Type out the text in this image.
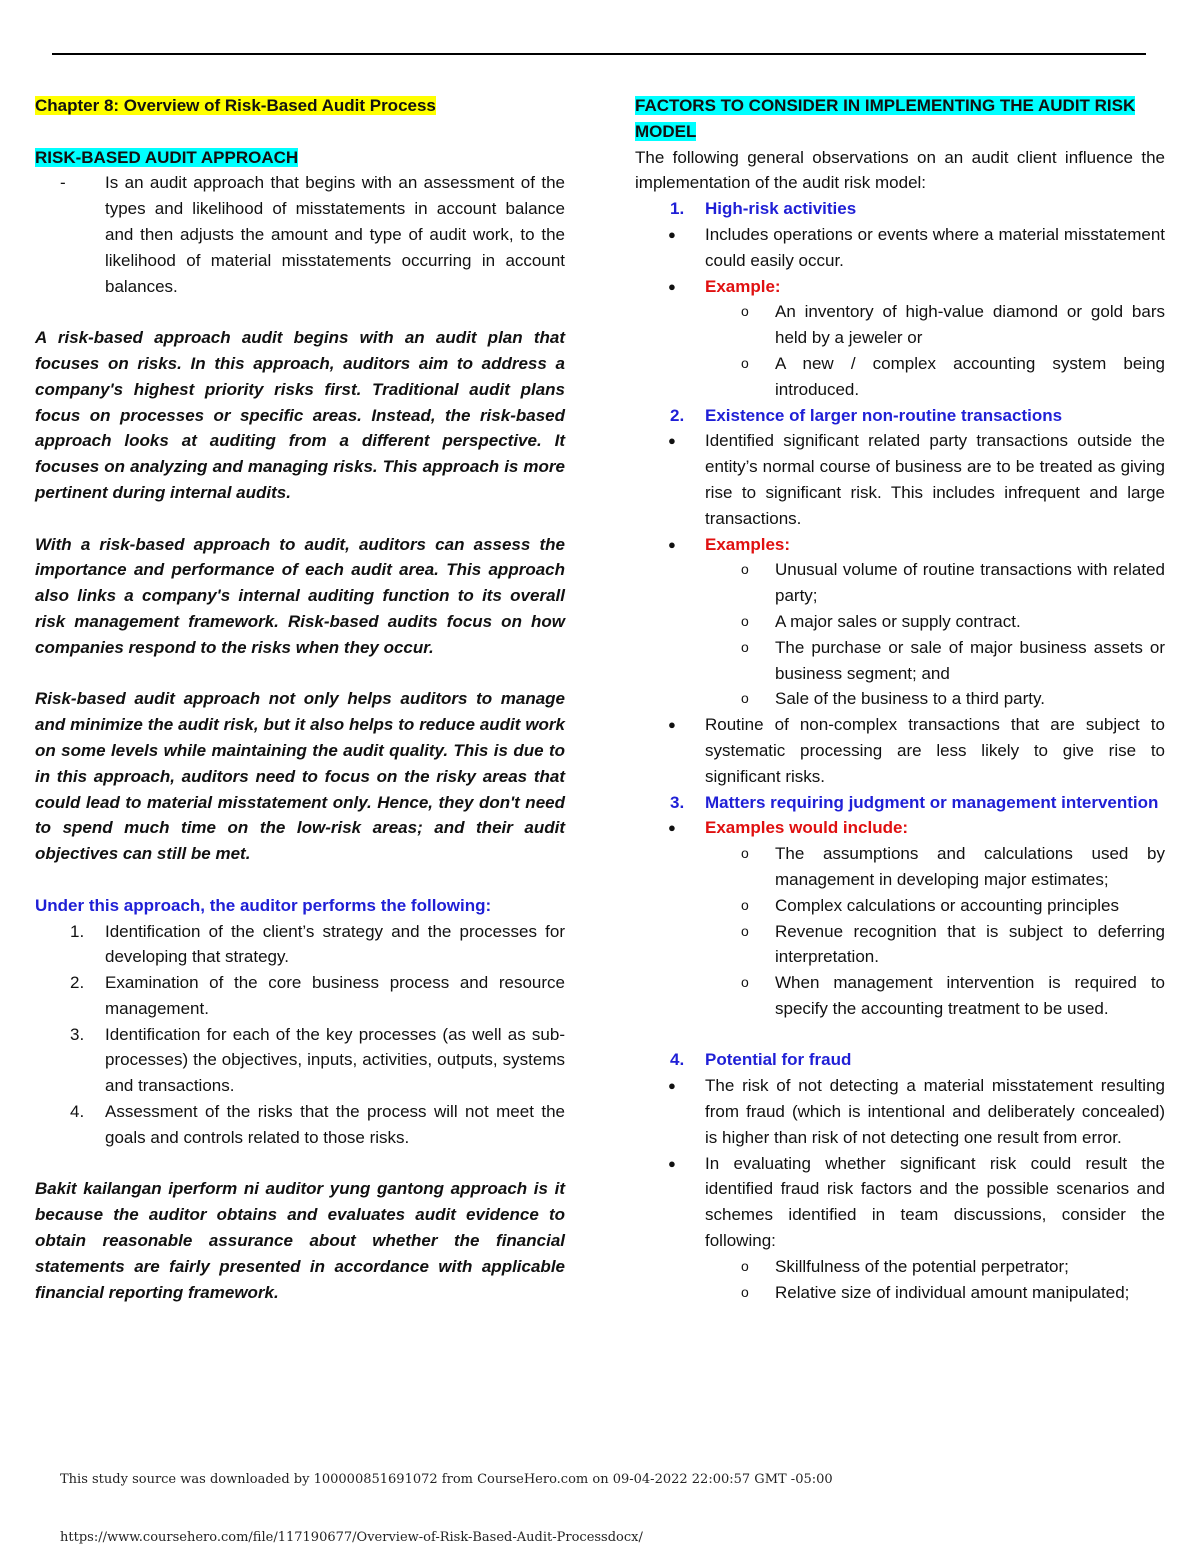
Chapter 8: Overview of Risk-Based Audit Process
RISK-BASED AUDIT APPROACH
-	Is an audit approach that begins with an assessment of the types and likelihood of misstatements in account balance and then adjusts the amount and type of audit work, to the likelihood of material misstatements occurring in account balances.
A risk-based approach audit begins with an audit plan that focuses on risks. In this approach, auditors aim to address a company's highest priority risks first. Traditional audit plans focus on processes or specific areas. Instead, the risk-based approach looks at auditing from a different perspective. It focuses on analyzing and managing risks. This approach is more pertinent during internal audits.
With a risk-based approach to audit, auditors can assess the importance and performance of each audit area. This approach also links a company's internal auditing function to its overall risk management framework. Risk-based audits focus on how companies respond to the risks when they occur.
Risk-based audit approach not only helps auditors to manage and minimize the audit risk, but it also helps to reduce audit work on some levels while maintaining the audit quality. This is due to in this approach, auditors need to focus on the risky areas that could lead to material misstatement only. Hence, they don't need to spend much time on the low-risk areas; and their audit objectives can still be met.
Under this approach, the auditor performs the following:
1.	Identification of the client’s strategy and the processes for developing that strategy.
2.	Examination of the core business process and resource management.
3.	Identification for each of the key processes (as well as sub-processes) the objectives, inputs, activities, outputs, systems and transactions.
4.	Assessment of the risks that the process will not meet the goals and controls related to those risks.
Bakit kailangan iperform ni auditor yung gantong approach is it because the auditor obtains and evaluates audit evidence to obtain reasonable assurance about whether the financial statements are fairly presented in accordance with applicable financial reporting framework.
FACTORS TO CONSIDER IN IMPLEMENTING THE AUDIT RISK MODEL
The following general observations on an audit client influence the implementation of the audit risk model:
1.	High-risk activities
●	Includes operations or events where a material misstatement could easily occur.
●	Example:
o	An inventory of high-value diamond or gold bars held by a jeweler or
o	A new / complex accounting system being introduced.
2.	Existence of larger non-routine transactions
●	Identified significant related party transactions outside the entity’s normal course of business are to be treated as giving rise to significant risk. This includes infrequent and large transactions.
●	Examples:
o	Unusual volume of routine transactions with related party;
o	A major sales or supply contract.
o	The purchase or sale of major business assets or business segment; and
o	Sale of the business to a third party.
●	Routine of non-complex transactions that are subject to systematic processing are less likely to give rise to significant risks.
3.	Matters requiring judgment or management intervention
●	Examples would include:
o	The assumptions and calculations used by management in developing major estimates;
o	Complex calculations or accounting principles
o	Revenue recognition that is subject to deferring interpretation.
o	When management intervention is required to specify the accounting treatment to be used.
4.	Potential for fraud
●	The risk of not detecting a material misstatement resulting from fraud (which is intentional and deliberately concealed) is higher than risk of not detecting one result from error.
●	In evaluating whether significant risk could result the identified fraud risk factors and the possible scenarios and schemes identified in team discussions, consider the following:
o	Skillfulness of the potential perpetrator;
o	Relative size of individual amount manipulated;
This study source was downloaded by 100000851691072 from CourseHero.com on 09-04-2022 22:00:57 GMT -05:00
https://www.coursehero.com/file/117190677/Overview-of-Risk-Based-Audit-Processdocx/
